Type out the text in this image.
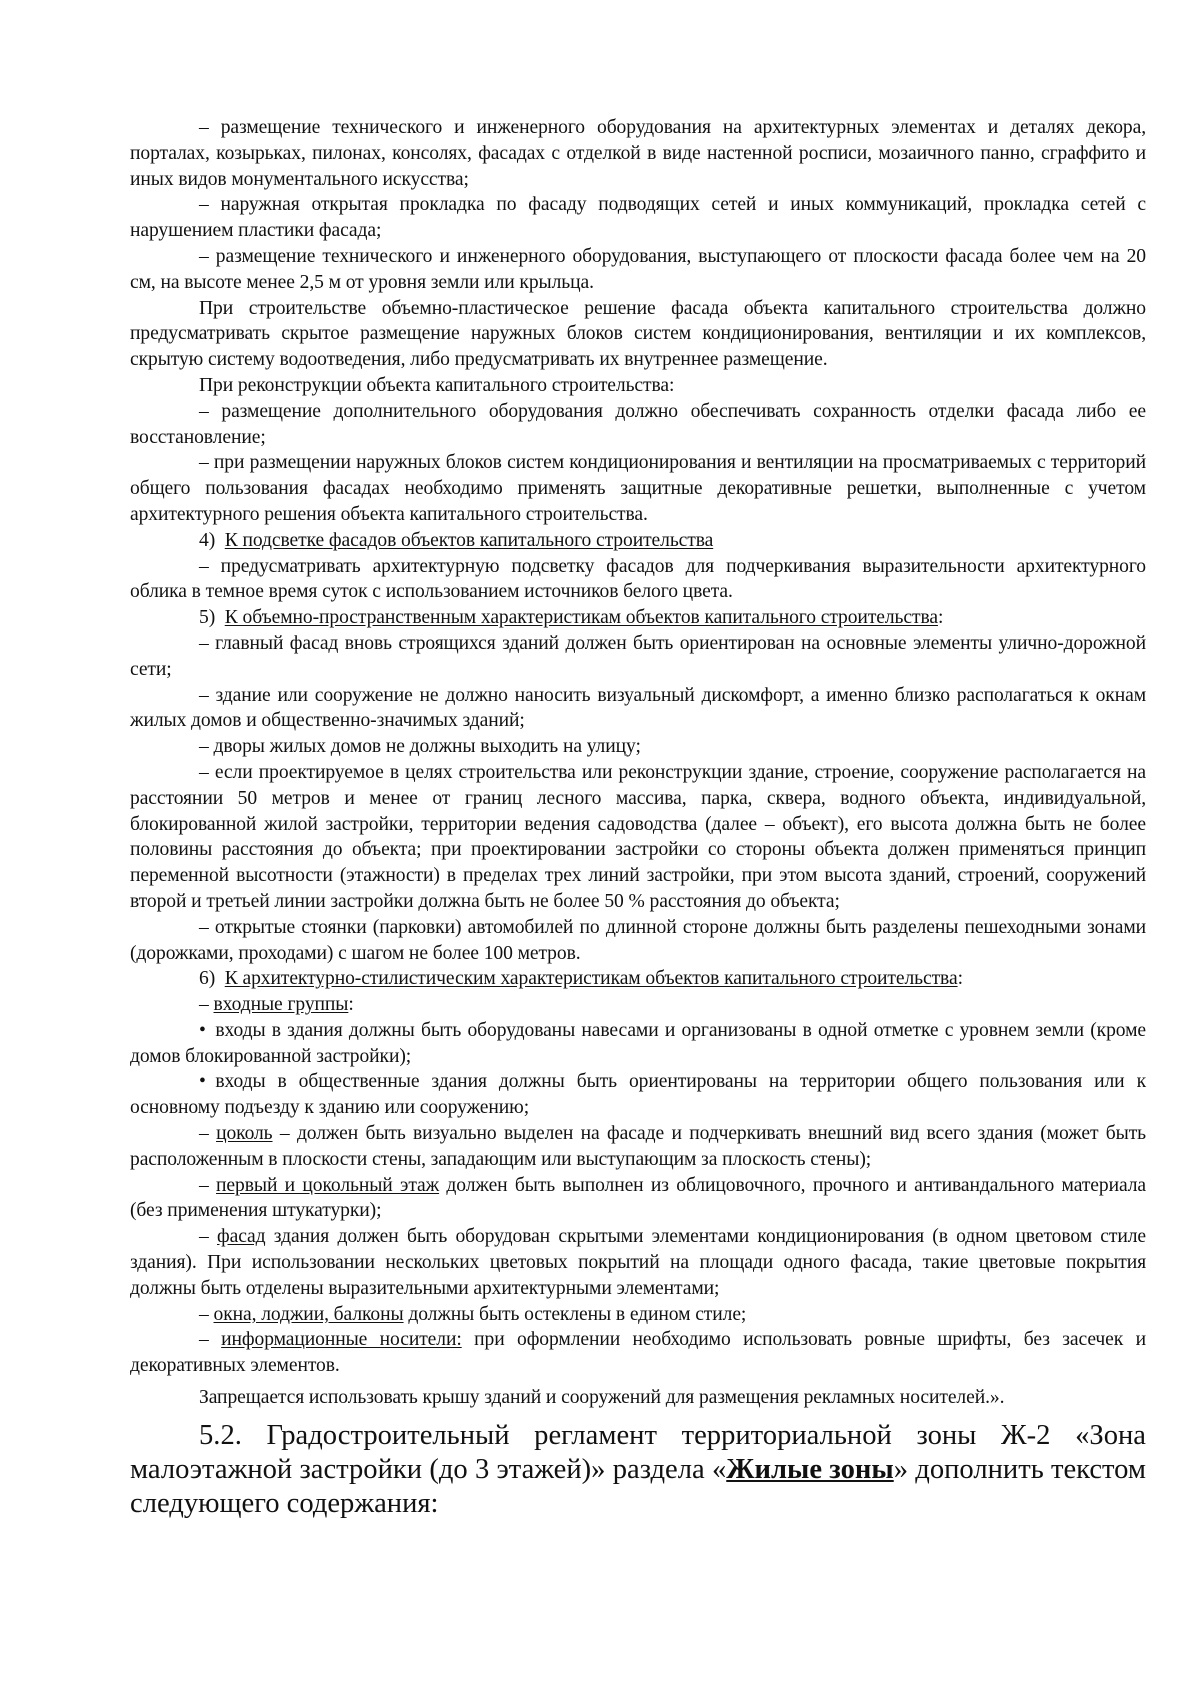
– размещение технического и инженерного оборудования на архитектурных элементах и деталях декора, порталах, козырьках, пилонах, консолях, фасадах с отделкой в виде настенной росписи, мозаичного панно, сграффито и иных видов монументального искусства;

– наружная открытая прокладка по фасаду подводящих сетей и иных коммуникаций, прокладка сетей с нарушением пластики фасада;

– размещение технического и инженерного оборудования, выступающего от плоскости фасада более чем на 20 см, на высоте менее 2,5 м от уровня земли или крыльца.

При строительстве объемно-пластическое решение фасада объекта капитального строительства должно предусматривать скрытое размещение наружных блоков систем кондиционирования, вентиляции и их комплексов, скрытую систему водоотведения, либо предусматривать их внутреннее размещение.

При реконструкции объекта капитального строительства:

– размещение дополнительного оборудования должно обеспечивать сохранность отделки фасада либо ее восстановление;

– при размещении наружных блоков систем кондиционирования и вентиляции на просматриваемых с территорий общего пользования фасадах необходимо применять защитные декоративные решетки, выполненные с учетом архитектурного решения объекта капитального строительства.

4) К подсветке фасадов объектов капитального строительства

– предусматривать архитектурную подсветку фасадов для подчеркивания выразительности архитектурного облика в темное время суток с использованием источников белого цвета.

5) К объемно-пространственным характеристикам объектов капитального строительства:

– главный фасад вновь строящихся зданий должен быть ориентирован на основные элементы улично-дорожной сети;

– здание или сооружение не должно наносить визуальный дискомфорт, а именно близко располагаться к окнам жилых домов и общественно-значимых зданий;

– дворы жилых домов не должны выходить на улицу;

– если проектируемое в целях строительства или реконструкции здание, строение, сооружение располагается на расстоянии 50 метров и менее от границ лесного массива, парка, сквера, водного объекта, индивидуальной, блокированной жилой застройки, территории ведения садоводства (далее – объект), его высота должна быть не более половины расстояния до объекта; при проектировании застройки со стороны объекта должен применяться принцип переменной высотности (этажности) в пределах трех линий застройки, при этом высота зданий, строений, сооружений второй и третьей линии застройки должна быть не более 50 % расстояния до объекта;

– открытые стоянки (парковки) автомобилей по длинной стороне должны быть разделены пешеходными зонами (дорожками, проходами) с шагом не более 100 метров.

6) К архитектурно-стилистическим характеристикам объектов капитального строительства:

– входные группы:

•  входы в здания должны быть оборудованы навесами и организованы в одной отметке с уровнем земли (кроме домов блокированной застройки);

•  входы в общественные здания должны быть ориентированы на территории общего пользования или к основному подъезду к зданию или сооружению;

– цоколь – должен быть визуально выделен на фасаде и подчеркивать внешний вид всего здания (может быть расположенным в плоскости стены, западающим или выступающим за плоскость стены);

– первый и цокольный этаж должен быть выполнен из облицовочного, прочного и антивандального материала (без применения штукатурки);

– фасад здания должен быть оборудован скрытыми элементами кондиционирования (в одном цветовом стиле здания). При использовании нескольких цветовых покрытий на площади одного фасада, такие цветовые покрытия должны быть отделены выразительными архитектурными элементами;

– окна, лоджии, балконы должны быть остеклены в едином стиле;

– информационные носители: при оформлении необходимо использовать ровные шрифты, без засечек и декоративных элементов.

Запрещается использовать крышу зданий и сооружений для размещения рекламных носителей.».

5.2. Градостроительный регламент территориальной зоны Ж-2 «Зона малоэтажной застройки (до 3 этажей)» раздела «Жилые зоны» дополнить текстом следующего содержания:
